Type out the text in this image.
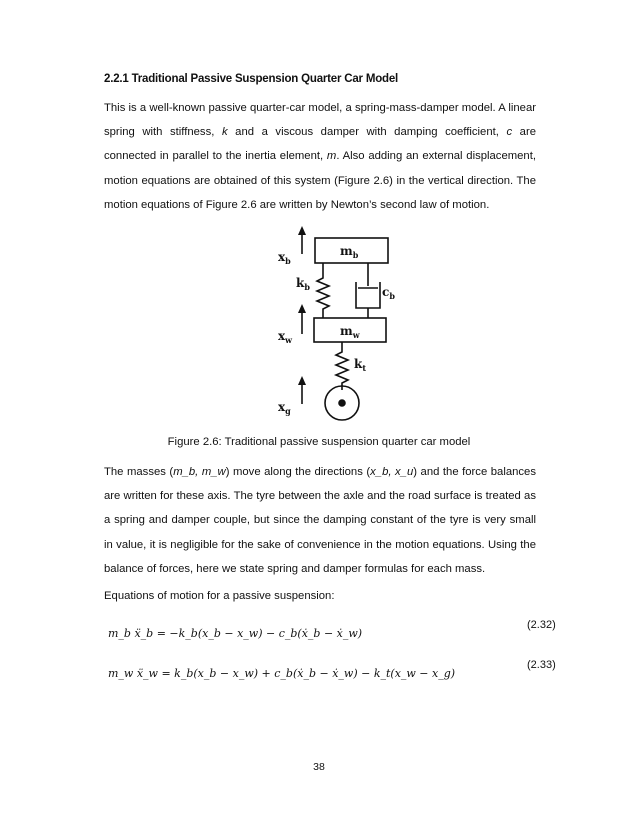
2.2.1 Traditional Passive Suspension Quarter Car Model
This is a well-known passive quarter-car model, a spring-mass-damper model. A linear spring with stiffness, k and a viscous damper with damping coefficient, c are connected in parallel to the inertia element, m. Also adding an external displacement, motion equations are obtained of this system (Figure 2.6) in the vertical direction. The motion equations of Figure 2.6 are written by Newton’s second law of motion.
$m_b$
$m_w$
$c_b$
$k_b$
$k_t$
$x_b$
$x_w$
$x_g$
Figure 2.6: Traditional passive suspension quarter car model
The masses (m_b, m_w) move along the directions (x_b, x_u) and the force balances are written for these axis. The tyre between the axle and the road surface is treated as a spring and damper couple, but since the damping constant of the tyre is very small in value, it is negligible for the sake of convenience in the motion equations. Using the balance of forces, here we state spring and damper formulas for each mass.
Equations of motion for a passive suspension:
m_b ẍ_b = −k_b(x_b − x_w) − c_b(ẋ_b − ẋ_w)
(2.32)
m_w ẍ_w = k_b(x_b − x_w) + c_b(ẋ_b − ẋ_w) − k_t(x_w − x_g)
(2.33)
38
